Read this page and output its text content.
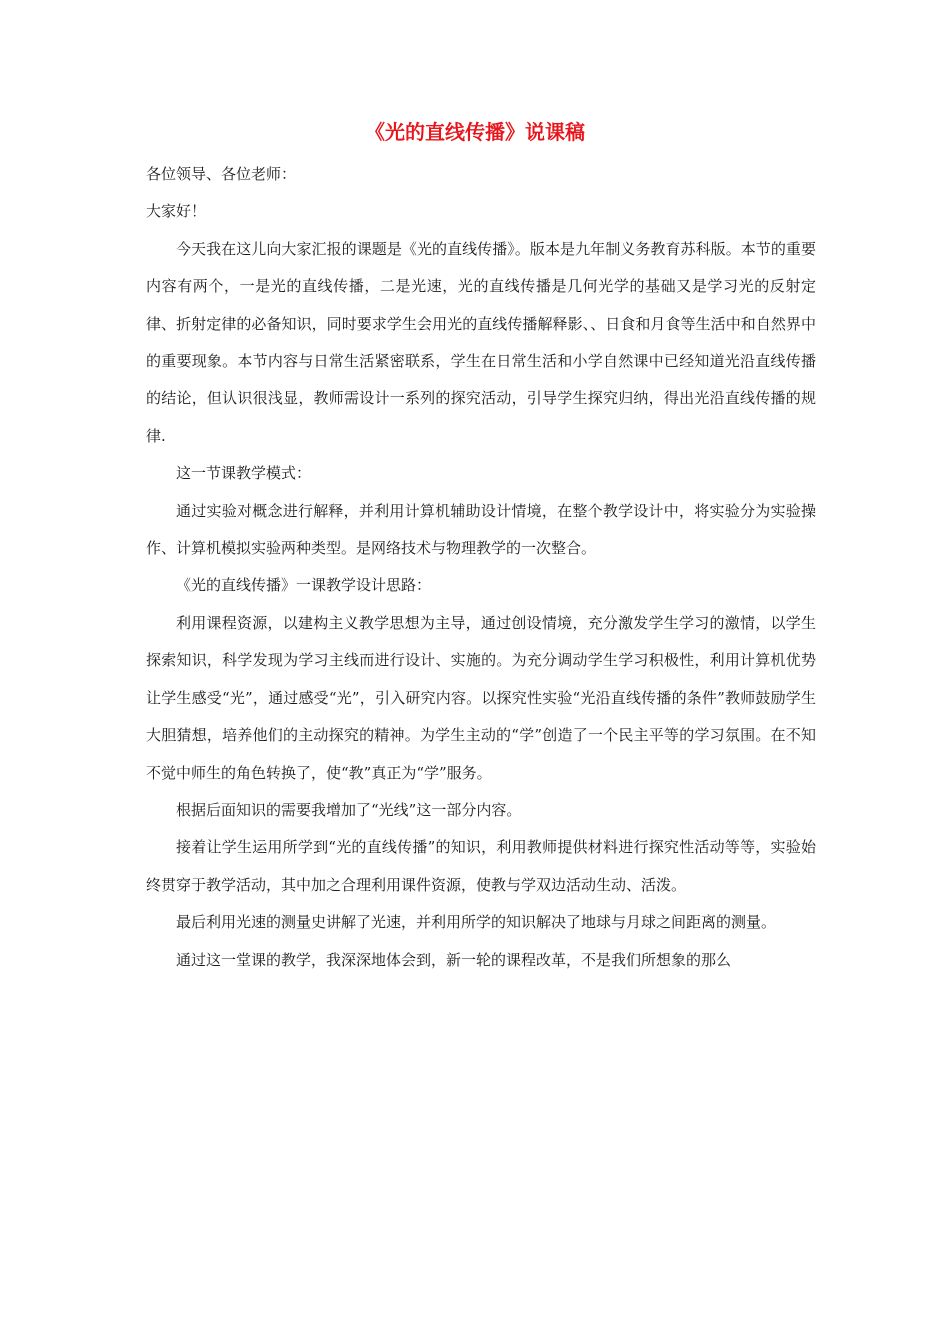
《光的直线传播》说课稿

各位领导、各位老师：

大家好！

今天我在这儿向大家汇报的课题是《光的直线传播》。版本是九年制义务教育苏科版。本节的重要内容有两个，一是光的直线传播，二是光速，光的直线传播是几何光学的基础又是学习光的反射定律、折射定律的必备知识，同时要求学生会用光的直线传播解释影、、日食和月食等生活中和自然界中的重要现象。本节内容与日常生活紧密联系，学生在日常生活和小学自然课中已经知道光沿直线传播的结论，但认识很浅显，教师需设计一系列的探究活动，引导学生探究归纳，得出光沿直线传播的规律.

这一节课教学模式：

通过实验对概念进行解释，并利用计算机辅助设计情境，在整个教学设计中，将实验分为实验操作、计算机模拟实验两种类型。是网络技术与物理教学的一次整合。

《光的直线传播》一课教学设计思路：

利用课程资源，以建构主义教学思想为主导，通过创设情境，充分激发学生学习的激情，以学生探索知识，科学发现为学习主线而进行设计、实施的。为充分调动学生学习积极性，利用计算机优势让学生感受“光”，通过感受“光”，引入研究内容。以探究性实验“光沿直线传播的条件”教师鼓励学生大胆猜想，培养他们的主动探究的精神。为学生主动的“学”创造了一个民主平等的学习氛围。在不知不觉中师生的角色转换了，使“教”真正为“学”服务。

根据后面知识的需要我增加了“光线”这一部分内容。

接着让学生运用所学到“光的直线传播”的知识，利用教师提供材料进行探究性活动等等，实验始终贯穿于教学活动，其中加之合理利用课件资源，使教与学双边活动生动、活泼。

最后利用光速的测量史讲解了光速，并利用所学的知识解决了地球与月球之间距离的测量。

通过这一堂课的教学，我深深地体会到，新一轮的课程改革，不是我们所想象的那么
